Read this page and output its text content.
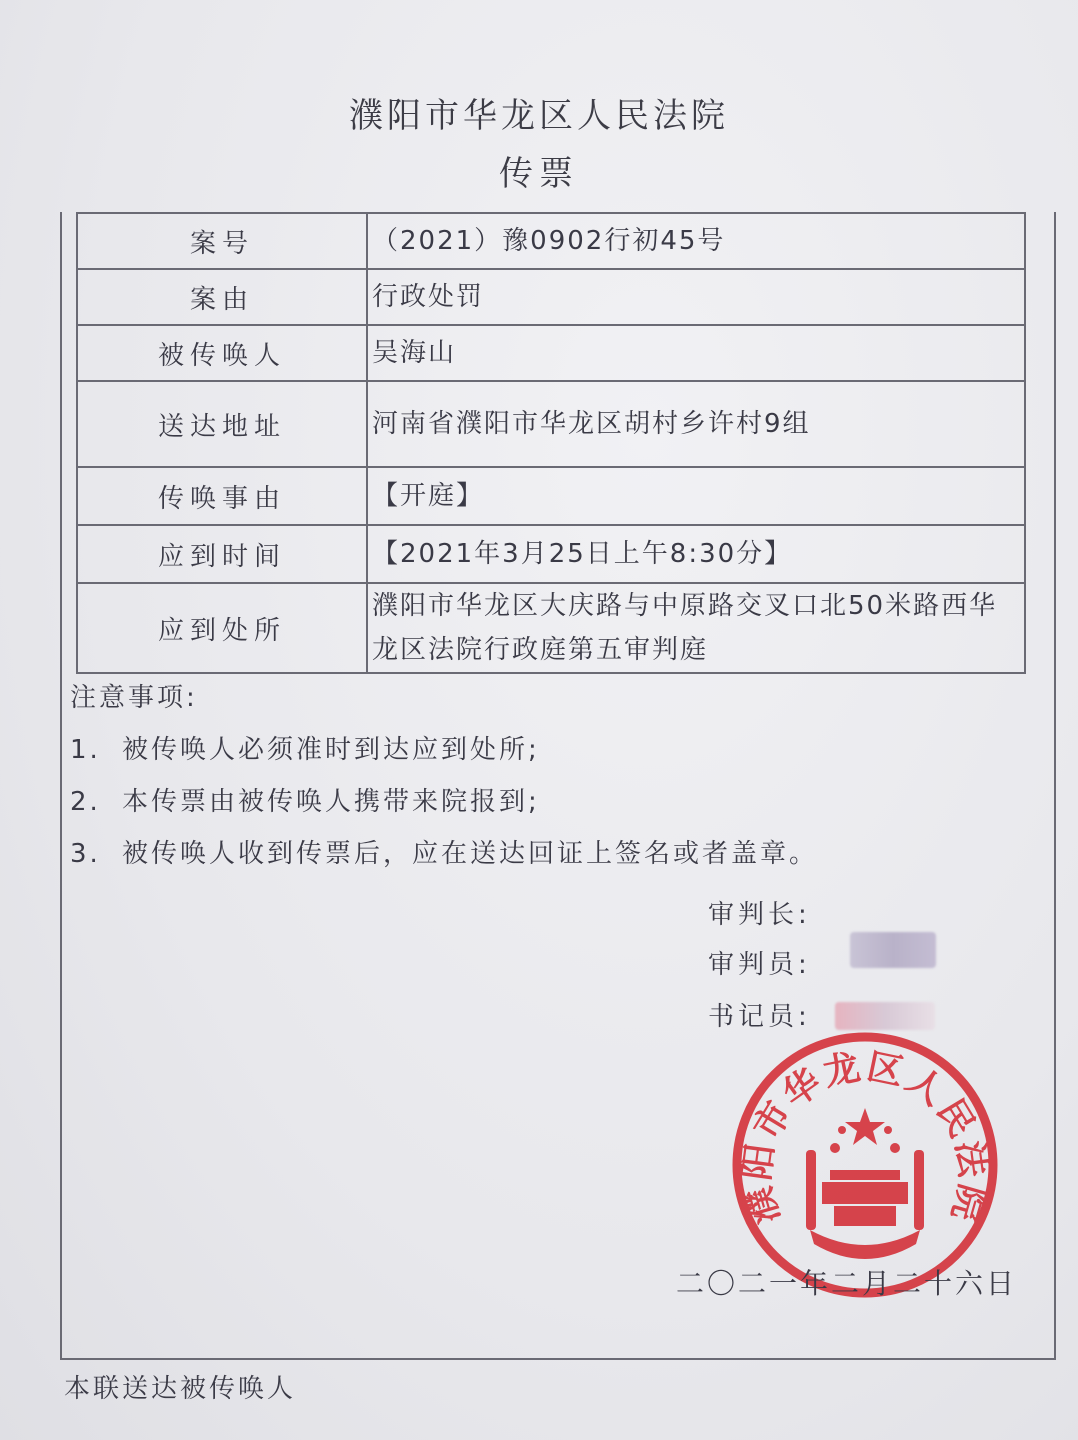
濮阳市华龙区人民法院
传票
案号	（2021）豫0902行初45号
案由	行政处罚
被传唤人	吴海山
送达地址	河南省濮阳市华龙区胡村乡许村9组
传唤事由	【开庭】
应到时间	【2021年3月25日上午8:30分】
应到处所	濮阳市华龙区大庆路与中原路交叉口北50米路西华龙区法院行政庭第五审判庭
注意事项:
1. 被传唤人必须准时到达应到处所;
2. 本传票由被传唤人携带来院报到;
3. 被传唤人收到传票后，应在送达回证上签名或者盖章。
审判长:
审判员:
书记员:
濮阳市华龙区人民法院
二〇二一年二月二十六日
本联送达被传唤人
